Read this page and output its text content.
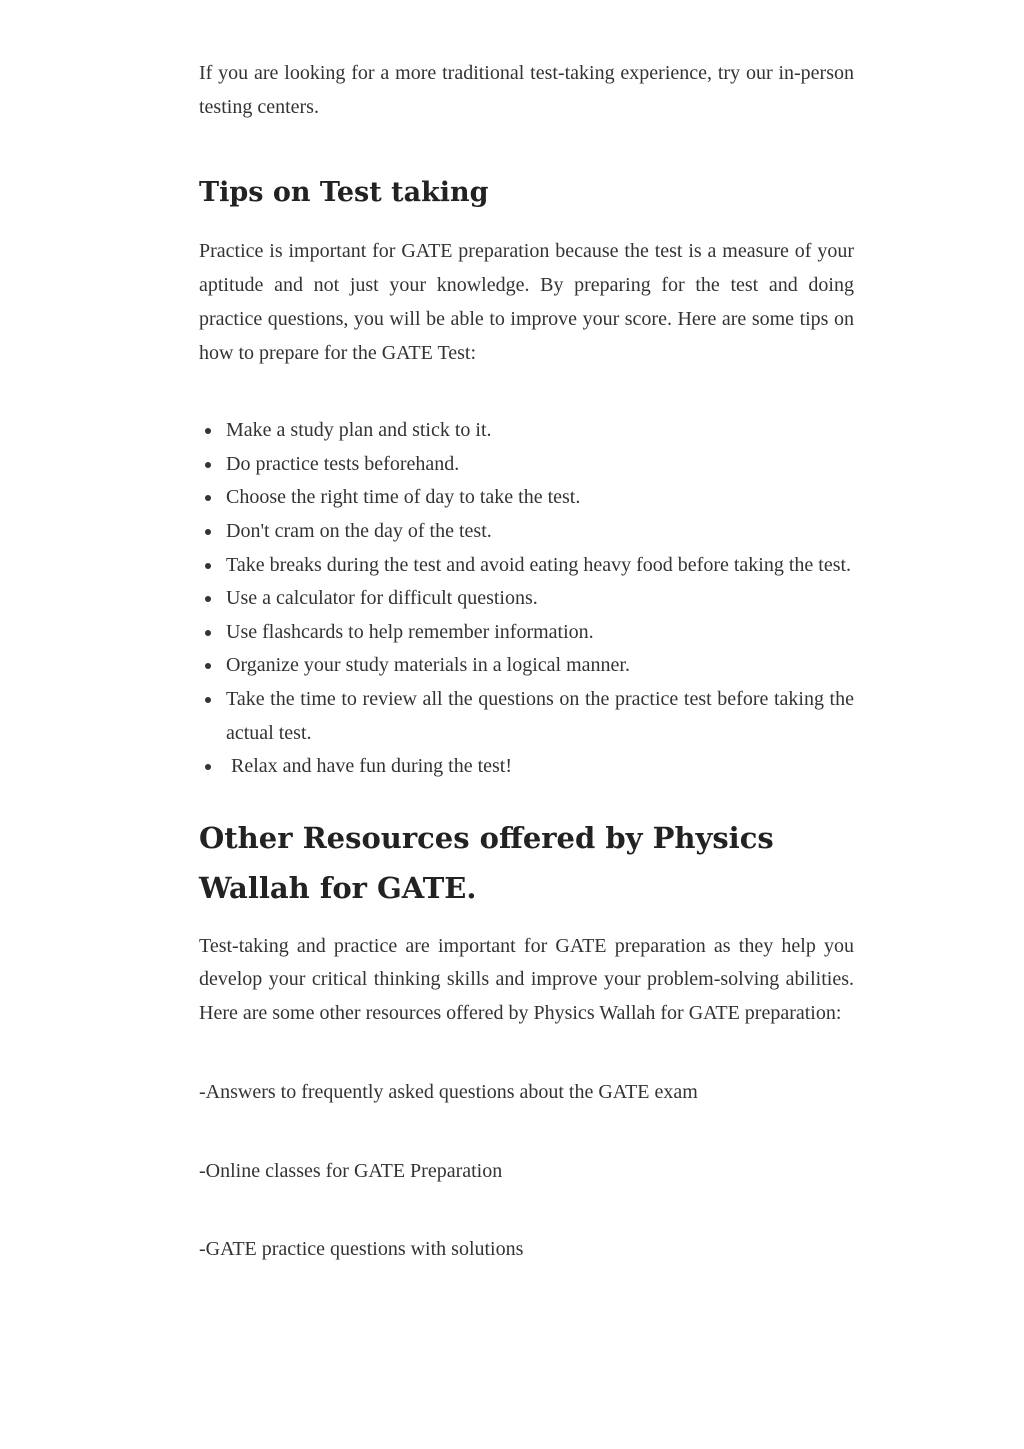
If you are looking for a more traditional test-taking experience, try our in-person testing centers.

Tips on Test taking

Practice is important for GATE preparation because the test is a measure of your aptitude and not just your knowledge. By preparing for the test and doing practice questions, you will be able to improve your score. Here are some tips on how to prepare for the GATE Test:

Make a study plan and stick to it.
Do practice tests beforehand.
Choose the right time of day to take the test.
Don't cram on the day of the test.
Take breaks during the test and avoid eating heavy food before taking the test.
Use a calculator for difficult questions.
Use flashcards to help remember information.
Organize your study materials in a logical manner.
Take the time to review all the questions on the practice test before taking the actual test.
Relax and have fun during the test!
Other Resources offered by Physics Wallah for GATE.

Test-taking and practice are important for GATE preparation as they help you develop your critical thinking skills and improve your problem-solving abilities. Here are some other resources offered by Physics Wallah for GATE preparation:

-Answers to frequently asked questions about the GATE exam

-Online classes for GATE Preparation

-GATE practice questions with solutions
